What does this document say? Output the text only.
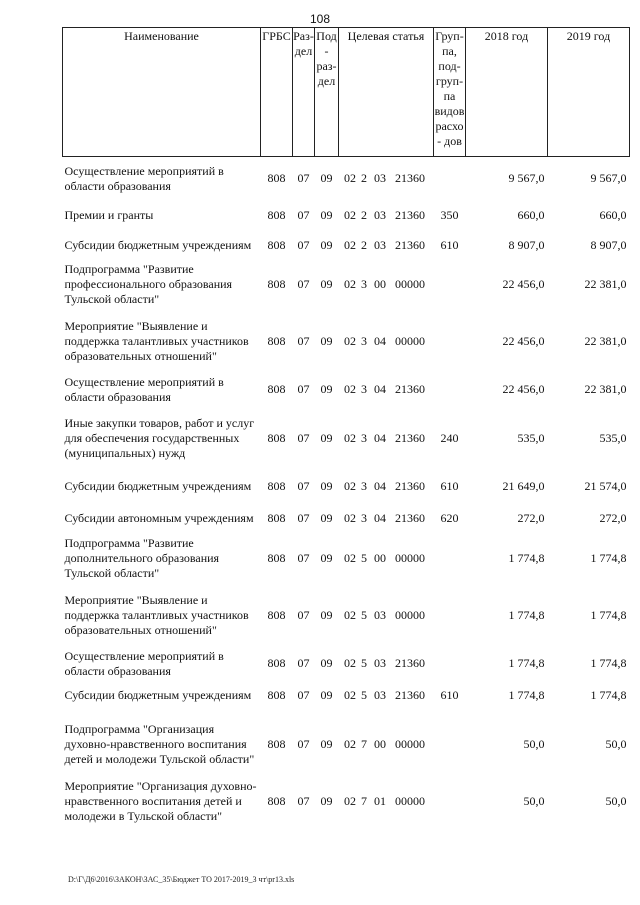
108
Наименование	ГРБС	Раз- дел	Под- раз- дел	Целевая статья	Груп- па, под- груп- па видов расхо- дов	2018 год	2019 год
Осуществление мероприятий в области образования	808	07	09	02 2 03 21360		9 567,0	9 567,0
Премии и гранты	808	07	09	02 2 03 21360	350	660,0	660,0
Субсидии бюджетным учреждениям	808	07	09	02 2 03 21360	610	8 907,0	8 907,0
Подпрограмма "Развитие профессионального образования Тульской области"	808	07	09	02 3 00 00000		22 456,0	22 381,0
Мероприятие "Выявление и поддержка талантливых участников образовательных отношений"	808	07	09	02 3 04 00000		22 456,0	22 381,0
Осуществление мероприятий в области образования	808	07	09	02 3 04 21360		22 456,0	22 381,0
Иные закупки товаров, работ и услуг для обеспечения государственных (муниципальных) нужд	808	07	09	02 3 04 21360	240	535,0	535,0
Субсидии бюджетным учреждениям	808	07	09	02 3 04 21360	610	21 649,0	21 574,0
Субсидии автономным учреждениям	808	07	09	02 3 04 21360	620	272,0	272,0
Подпрограмма "Развитие дополнительного образования Тульской области"	808	07	09	02 5 00 00000		1 774,8	1 774,8
Мероприятие "Выявление и поддержка талантливых участников образовательных отношений"	808	07	09	02 5 03 00000		1 774,8	1 774,8
Осуществление мероприятий в области образования	808	07	09	02 5 03 21360		1 774,8	1 774,8
Субсидии бюджетным учреждениям	808	07	09	02 5 03 21360	610	1 774,8	1 774,8
Подпрограмма "Организация духовно-нравственного воспитания детей и молодежи Тульской области"	808	07	09	02 7 00 00000		50,0	50,0
Мероприятие "Организация духовно-нравственного воспитания детей и молодежи в Тульской области"	808	07	09	02 7 01 00000		50,0	50,0
D:\Г\Д6\2016\ЗАКОН\ЗАС_35\Бюджет ТО 2017-2019_3 чт\pr13.xls
